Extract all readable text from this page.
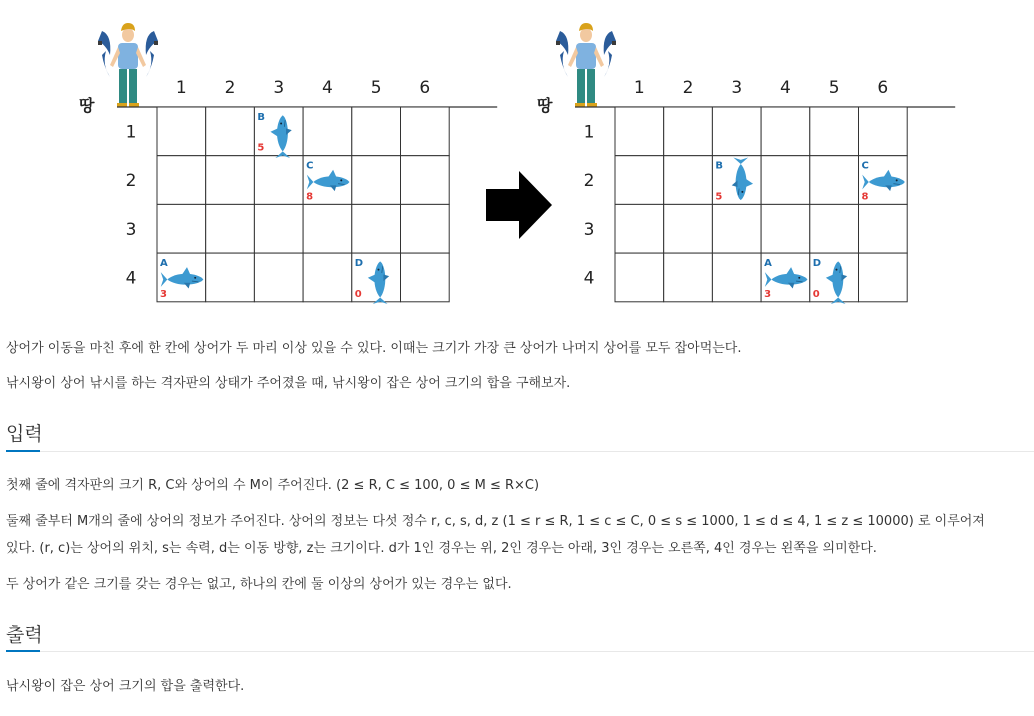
땅
1 2 3 4 5 6
1
2
3
4
A
3
B
5
C
8
D
0
땅
1 2 3 4 5 6
1
2
3
4
A
3
B
5
C
8
D
0

상어가 이동을 마친 후에 한 칸에 상어가 두 마리 이상 있을 수 있다. 이때는 크기가 가장 큰 상어가 나머지 상어를 모두 잡아먹는다.

낚시왕이 상어 낚시를 하는 격자판의 상태가 주어졌을 때, 낚시왕이 잡은 상어 크기의 합을 구해보자.

입력

첫째 줄에 격자판의 크기 R, C와 상어의 수 M이 주어진다. (2 ≤ R, C ≤ 100, 0 ≤ M ≤ R×C)

둘째 줄부터 M개의 줄에 상어의 정보가 주어진다. 상어의 정보는 다섯 정수 r, c, s, d, z (1 ≤ r ≤ R, 1 ≤ c ≤ C, 0 ≤ s ≤ 1000, 1 ≤ d ≤ 4, 1 ≤ z ≤ 10000) 로 이루어져

있다. (r, c)는 상어의 위치, s는 속력, d는 이동 방향, z는 크기이다. d가 1인 경우는 위, 2인 경우는 아래, 3인 경우는 오른쪽, 4인 경우는 왼쪽을 의미한다.

두 상어가 같은 크기를 갖는 경우는 없고, 하나의 칸에 둘 이상의 상어가 있는 경우는 없다.

출력

낚시왕이 잡은 상어 크기의 합을 출력한다.
